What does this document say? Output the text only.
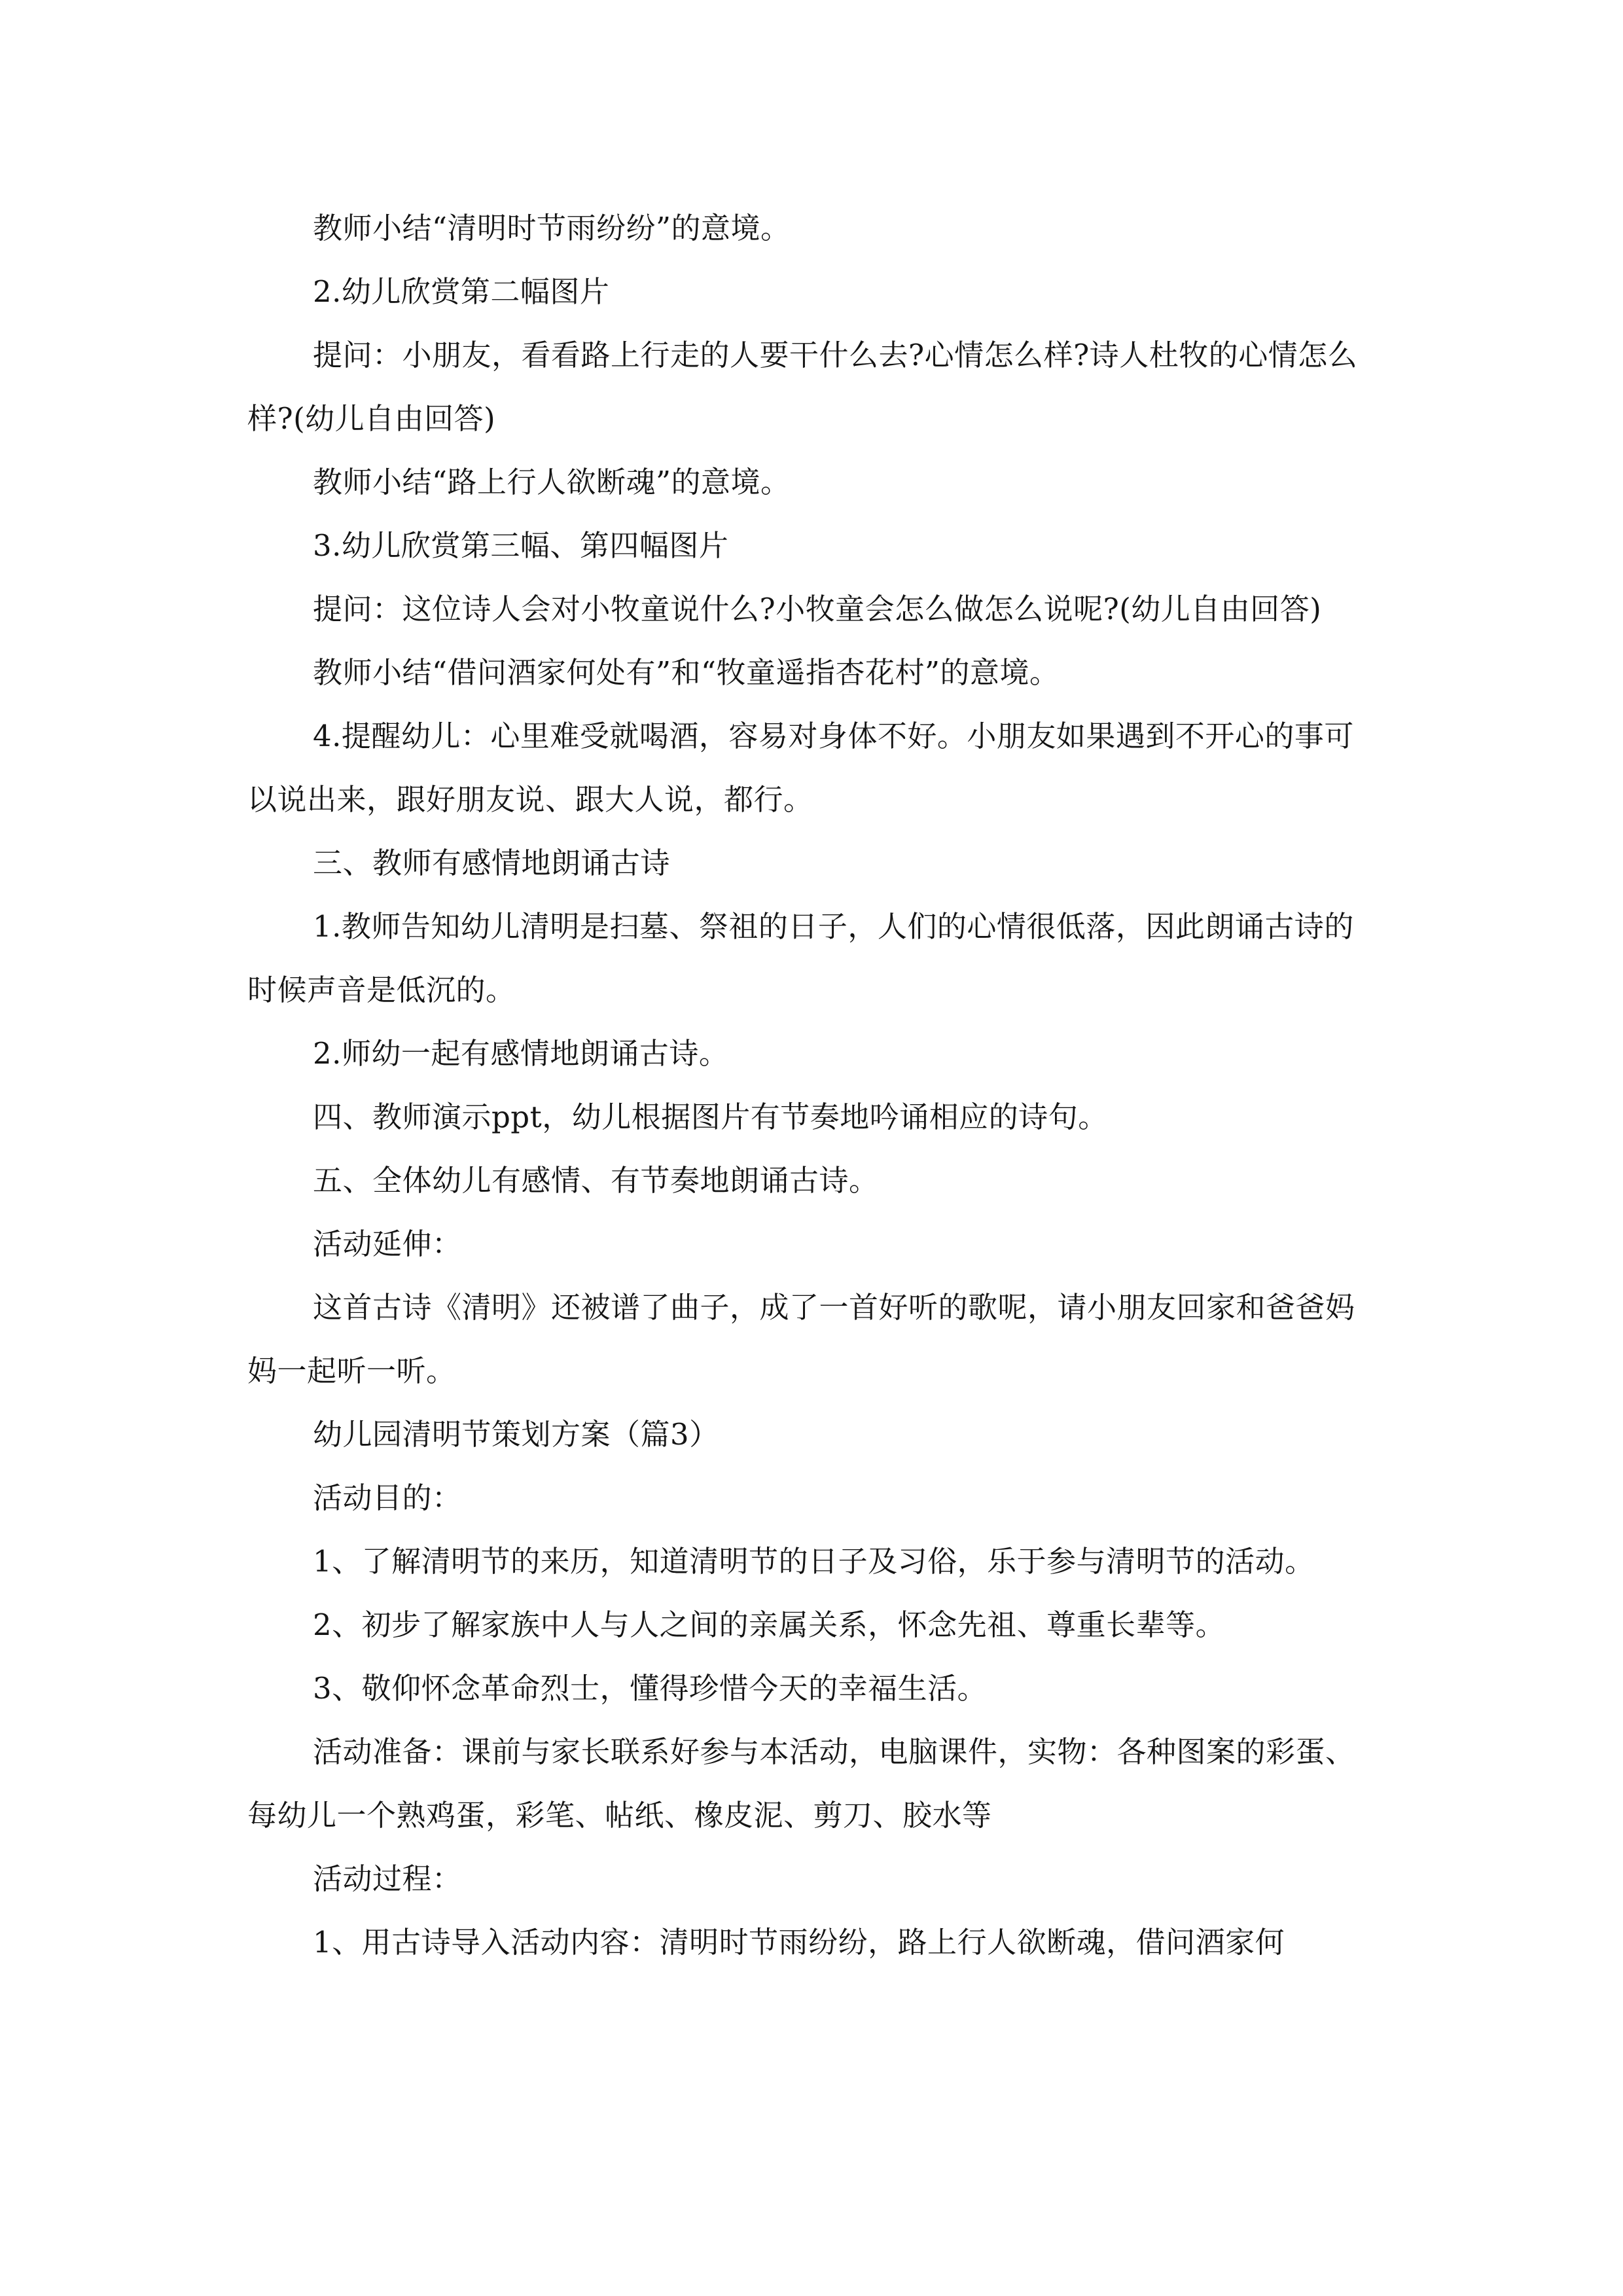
教师小结“清明时节雨纷纷”的意境。

2.幼儿欣赏第二幅图片

提问：小朋友，看看路上行走的人要干什么去?心情怎么样?诗人杜牧的心情怎么样?(幼儿自由回答)

教师小结“路上行人欲断魂”的意境。

3.幼儿欣赏第三幅、第四幅图片

提问：这位诗人会对小牧童说什么?小牧童会怎么做怎么说呢?(幼儿自由回答)

教师小结“借问酒家何处有”和“牧童遥指杏花村”的意境。

4.提醒幼儿：心里难受就喝酒，容易对身体不好。小朋友如果遇到不开心的事可以说出来，跟好朋友说、跟大人说，都行。

三、教师有感情地朗诵古诗

1.教师告知幼儿清明是扫墓、祭祖的日子，人们的心情很低落，因此朗诵古诗的时候声音是低沉的。

2.师幼一起有感情地朗诵古诗。

四、教师演示ppt，幼儿根据图片有节奏地吟诵相应的诗句。

五、全体幼儿有感情、有节奏地朗诵古诗。

活动延伸：

这首古诗《清明》还被谱了曲子，成了一首好听的歌呢，请小朋友回家和爸爸妈妈一起听一听。

幼儿园清明节策划方案（篇3）

活动目的：

1、了解清明节的来历，知道清明节的日子及习俗，乐于参与清明节的活动。

2、初步了解家族中人与人之间的亲属关系，怀念先祖、尊重长辈等。

3、敬仰怀念革命烈士，懂得珍惜今天的幸福生活。

活动准备：课前与家长联系好参与本活动，电脑课件，实物：各种图案的彩蛋、每幼儿一个熟鸡蛋，彩笔、帖纸、橡皮泥、剪刀、胶水等

活动过程：

1、用古诗导入活动内容：清明时节雨纷纷，路上行人欲断魂，借问酒家何
